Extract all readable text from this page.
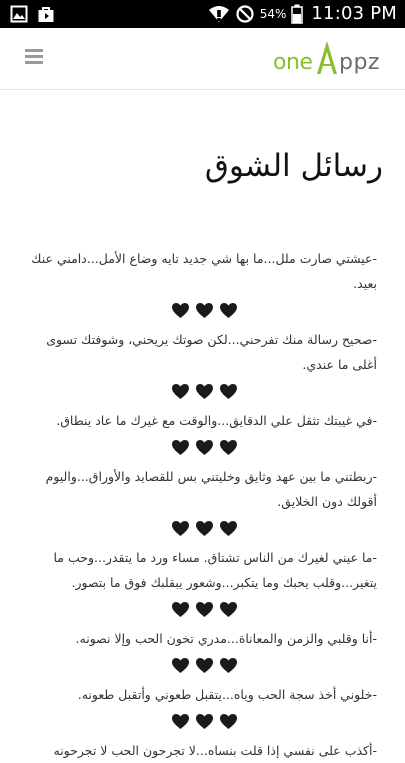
54% 11:03 PM
one ppz
رسائل الشوق

-عيشتي صارت ملل...ما بها شي جديد تايه وضاع الأمل...دامني عنك بعيد.

-صحيح رسالة منك تفرحني...لكن صوتك يريحني، وشوفتك تسوى أغلى ما عندي.

-في غيبتك تثقل علي الدقايق...والوقت مع غيرك ما عاد ينطاق.

-ربطتني ما بين عهد وثايق وخليتني بس للقصايد والأوراق...واليوم أقولك دون الخلايق.

-ما عيني لغيرك من الناس تشتاق. مساء ورد ما يتقدر...وحب ما يتغير...وقلب يحبك وما يتكبر...وشعور يبقلبك فوق ما بتصور.

-أنا وقلبي والزمن والمعاناة...مدري تخون الحب وإلا نصونه.

-خلوني أخذ سجة الحب وياه...يتقبل طعوني وأتقبل طعونه.

-أكذب على نفسي إذا قلت بنساه...لا تجرحون الحب لا تجرحونه
